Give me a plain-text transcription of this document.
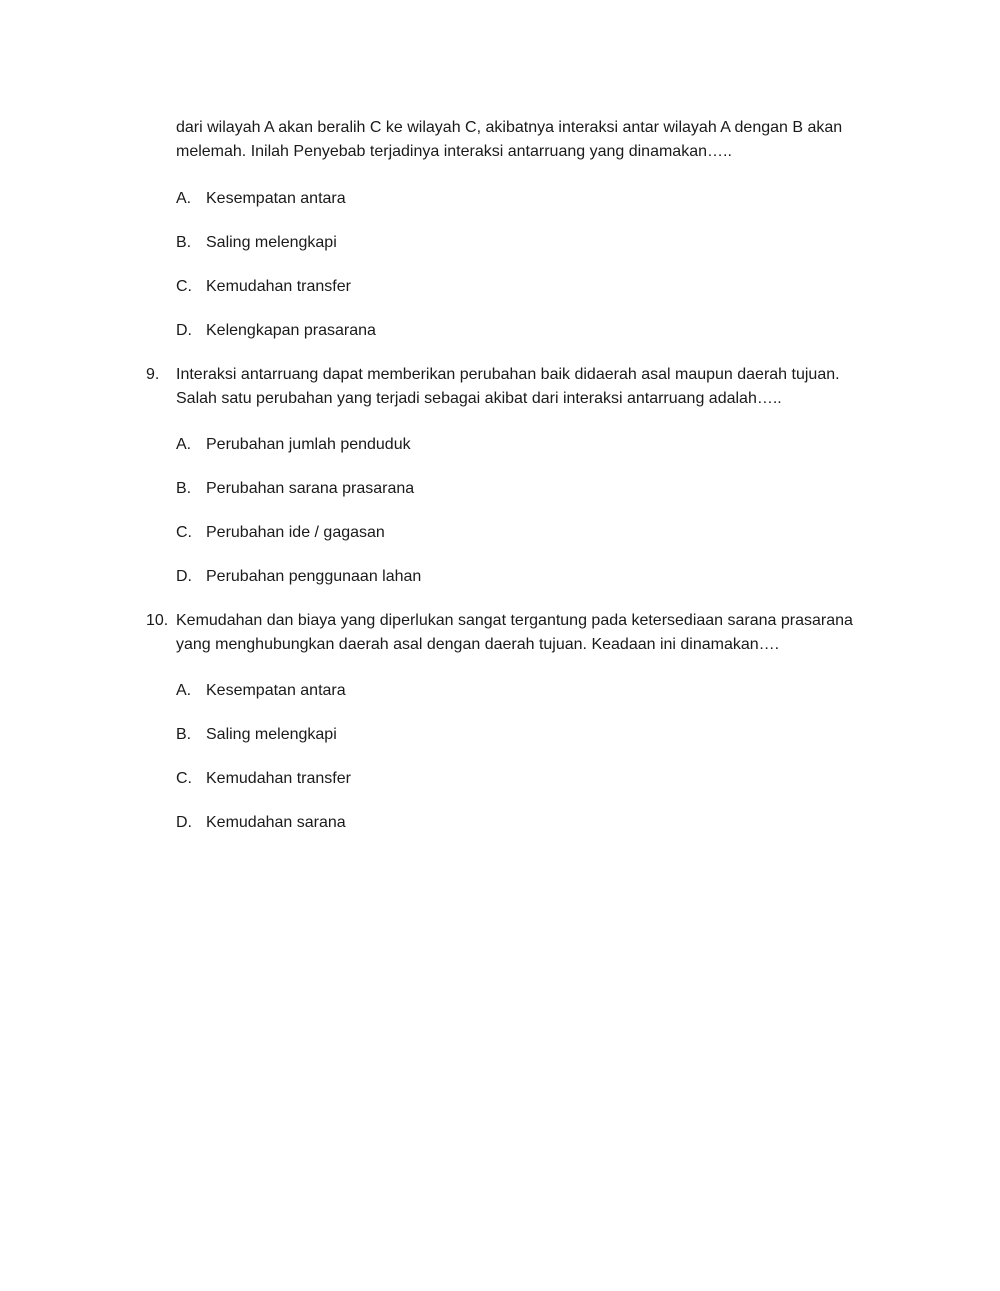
dari wilayah A akan beralih C ke wilayah C, akibatnya interaksi antar wilayah A dengan B akan

melemah. Inilah Penyebab terjadinya interaksi antarruang yang dinamakan…..

A. Kesempatan antara
B. Saling melengkapi
C. Kemudahan transfer
D. Kelengkapan prasarana
9. Interaksi antarruang dapat memberikan perubahan baik didaerah asal maupun daerah tujuan.

Salah satu perubahan yang terjadi sebagai akibat dari interaksi antarruang adalah…..

A. Perubahan jumlah penduduk
B. Perubahan sarana prasarana
C. Perubahan ide / gagasan
D. Perubahan penggunaan lahan
10. Kemudahan dan biaya yang diperlukan sangat tergantung pada ketersediaan sarana prasarana

yang menghubungkan daerah asal dengan daerah tujuan. Keadaan ini dinamakan….

A. Kesempatan antara
B. Saling melengkapi
C. Kemudahan transfer
D. Kemudahan sarana
